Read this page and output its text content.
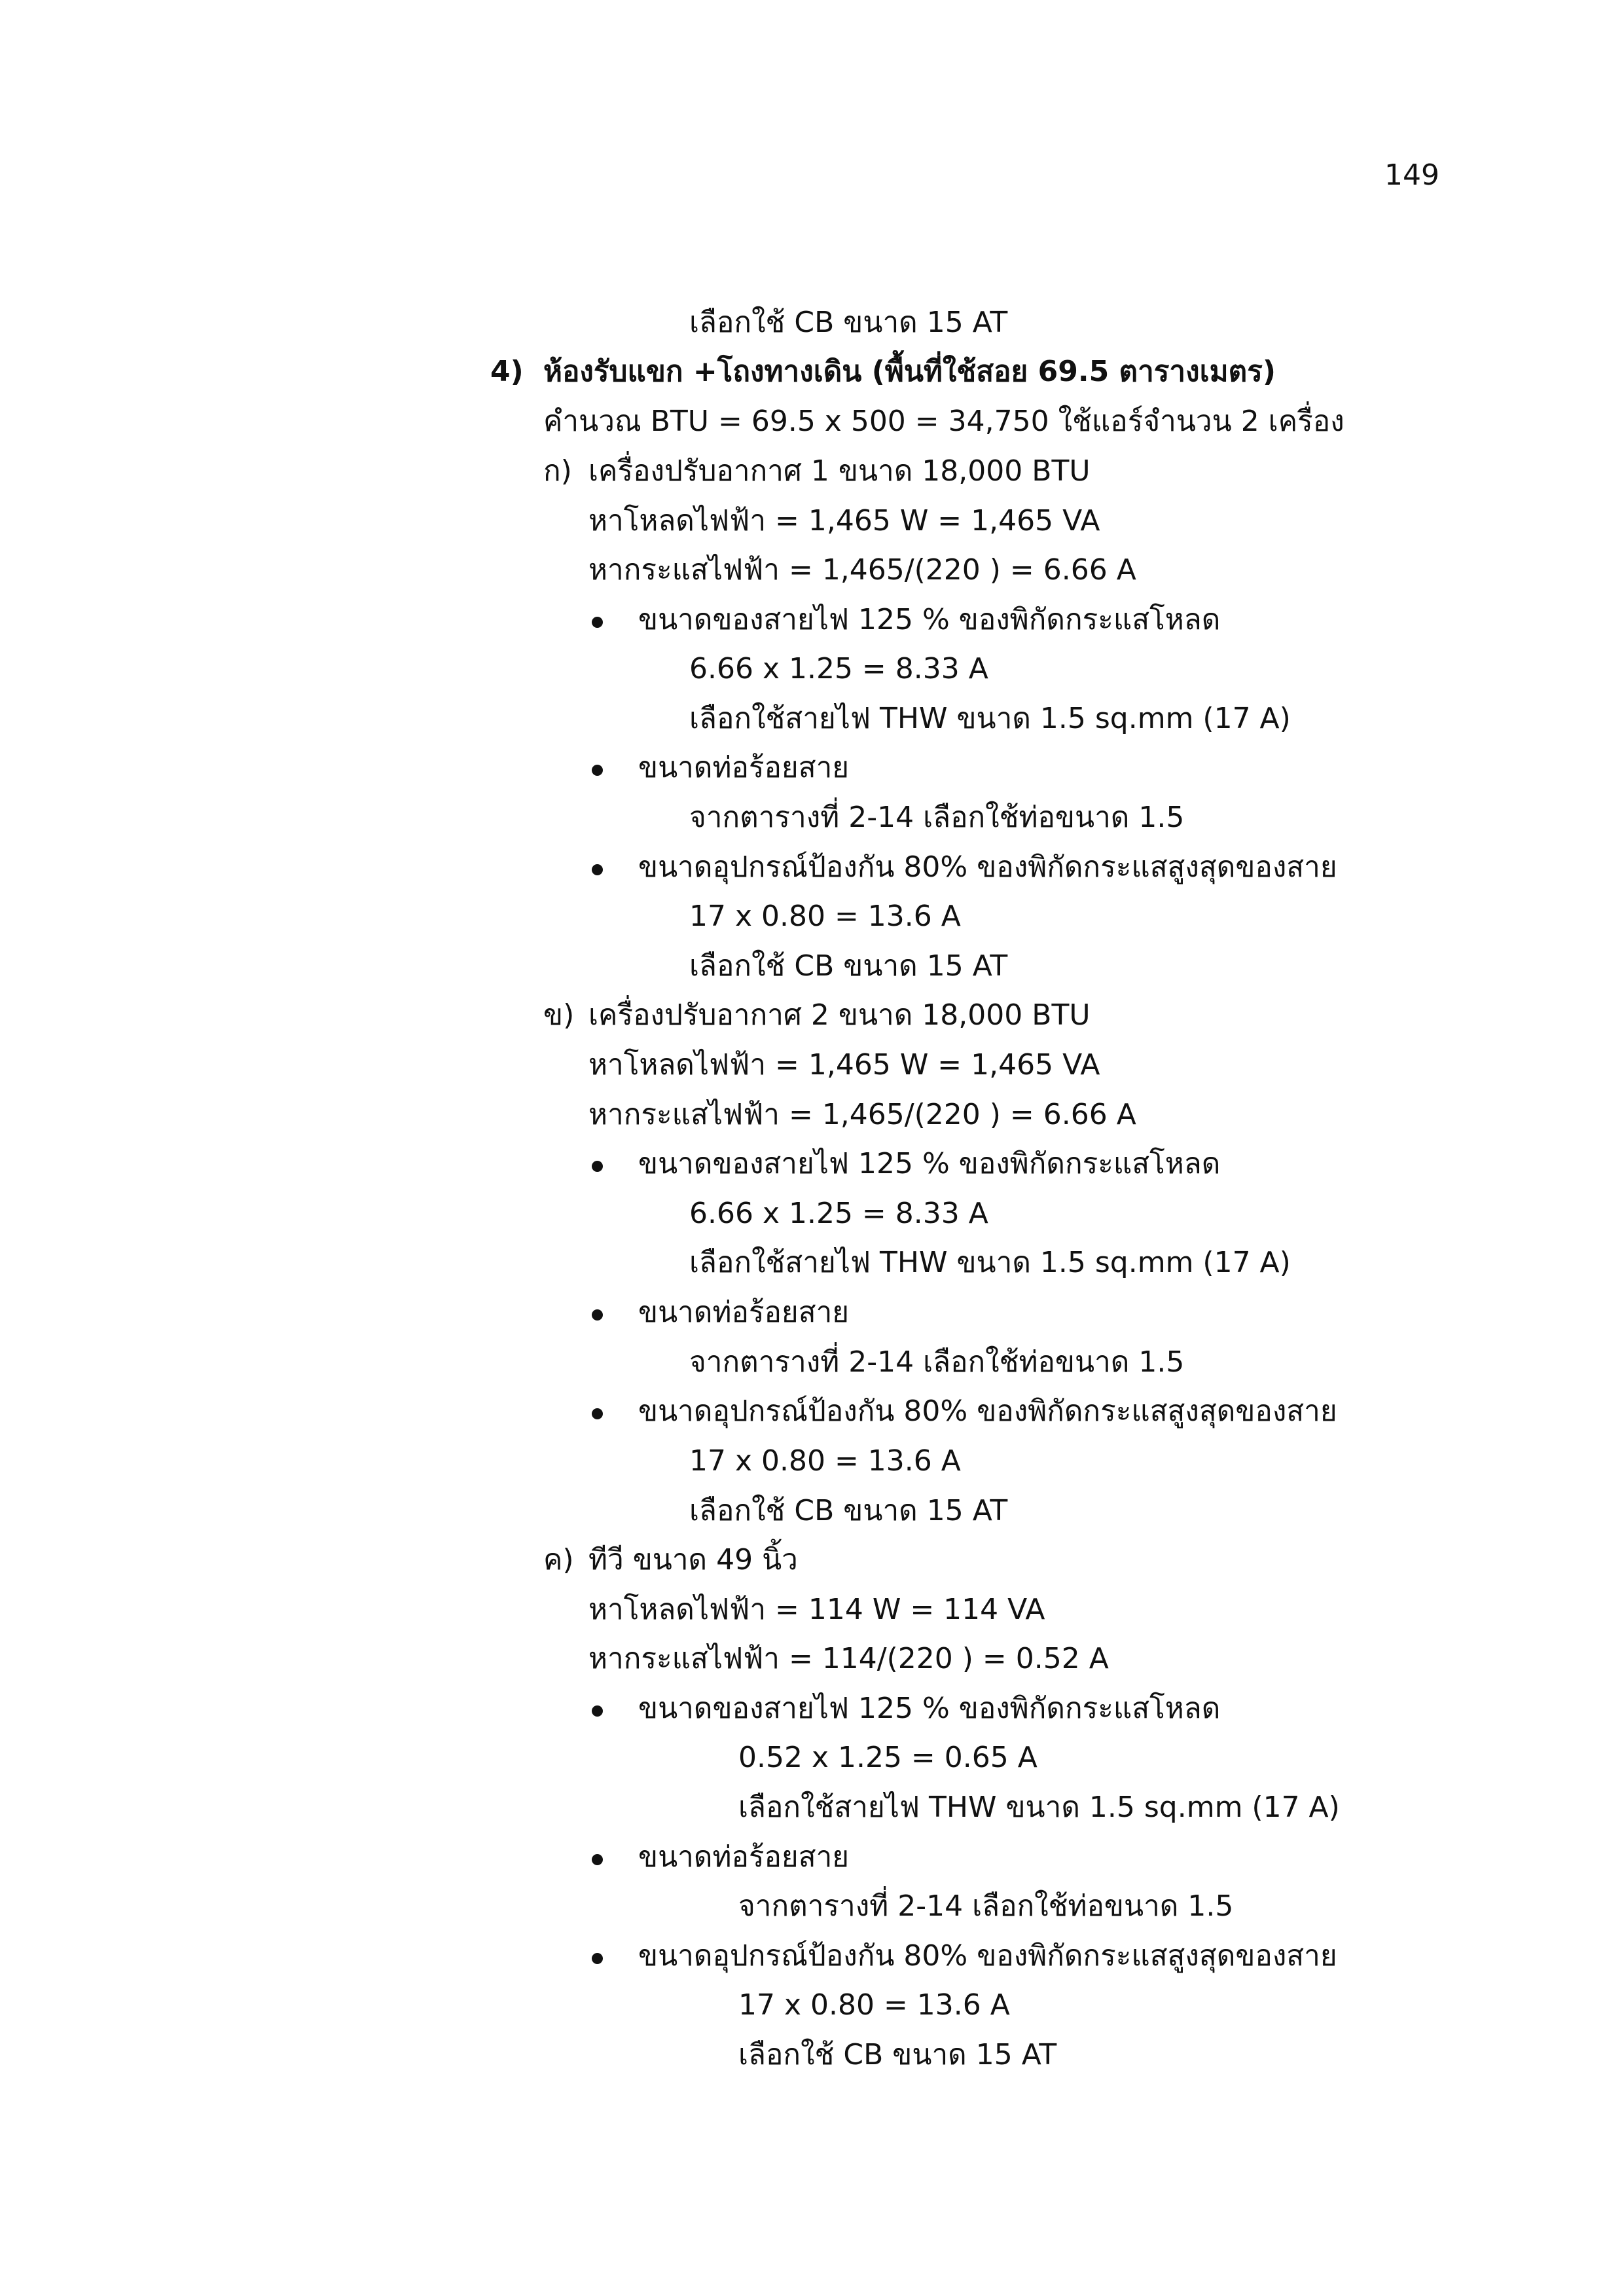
149
เลือกใช้ CB ขนาด 15 AT
4) ห้องรับแขก +โถงทางเดิน (พื้นที่ใช้สอย 69.5 ตารางเมตร)
คำนวณ BTU = 69.5 x 500 = 34,750 ใช้แอร์จำนวน 2 เครื่อง
ก) เครื่องปรับอากาศ 1 ขนาด 18,000 BTU
หาโหลดไฟฟ้า = 1,465 W = 1,465 VA
หากระแสไฟฟ้า = 1,465/(220 ) = 6.66 A
ขนาดของสายไฟ 125 % ของพิกัดกระแสโหลด
6.66 x 1.25 = 8.33 A
เลือกใช้สายไฟ THW ขนาด 1.5 sq.mm (17 A)
ขนาดท่อร้อยสาย
จากตารางที่ 2-14 เลือกใช้ท่อขนาด 1.5
ขนาดอุปกรณ์ป้องกัน 80% ของพิกัดกระแสสูงสุดของสาย
17 x 0.80 = 13.6 A
เลือกใช้ CB ขนาด 15 AT
ข) เครื่องปรับอากาศ 2 ขนาด 18,000 BTU
หาโหลดไฟฟ้า = 1,465 W = 1,465 VA
หากระแสไฟฟ้า = 1,465/(220 ) = 6.66 A
ขนาดของสายไฟ 125 % ของพิกัดกระแสโหลด
6.66 x 1.25 = 8.33 A
เลือกใช้สายไฟ THW ขนาด 1.5 sq.mm (17 A)
ขนาดท่อร้อยสาย
จากตารางที่ 2-14 เลือกใช้ท่อขนาด 1.5
ขนาดอุปกรณ์ป้องกัน 80% ของพิกัดกระแสสูงสุดของสาย
17 x 0.80 = 13.6 A
เลือกใช้ CB ขนาด 15 AT
ค) ทีวี ขนาด 49 นิ้ว
หาโหลดไฟฟ้า = 114 W = 114 VA
หากระแสไฟฟ้า = 114/(220 ) = 0.52 A
ขนาดของสายไฟ 125 % ของพิกัดกระแสโหลด
0.52 x 1.25 = 0.65 A
เลือกใช้สายไฟ THW ขนาด 1.5 sq.mm (17 A)
ขนาดท่อร้อยสาย
จากตารางที่ 2-14 เลือกใช้ท่อขนาด 1.5
ขนาดอุปกรณ์ป้องกัน 80% ของพิกัดกระแสสูงสุดของสาย
17 x 0.80 = 13.6 A
เลือกใช้ CB ขนาด 15 AT
